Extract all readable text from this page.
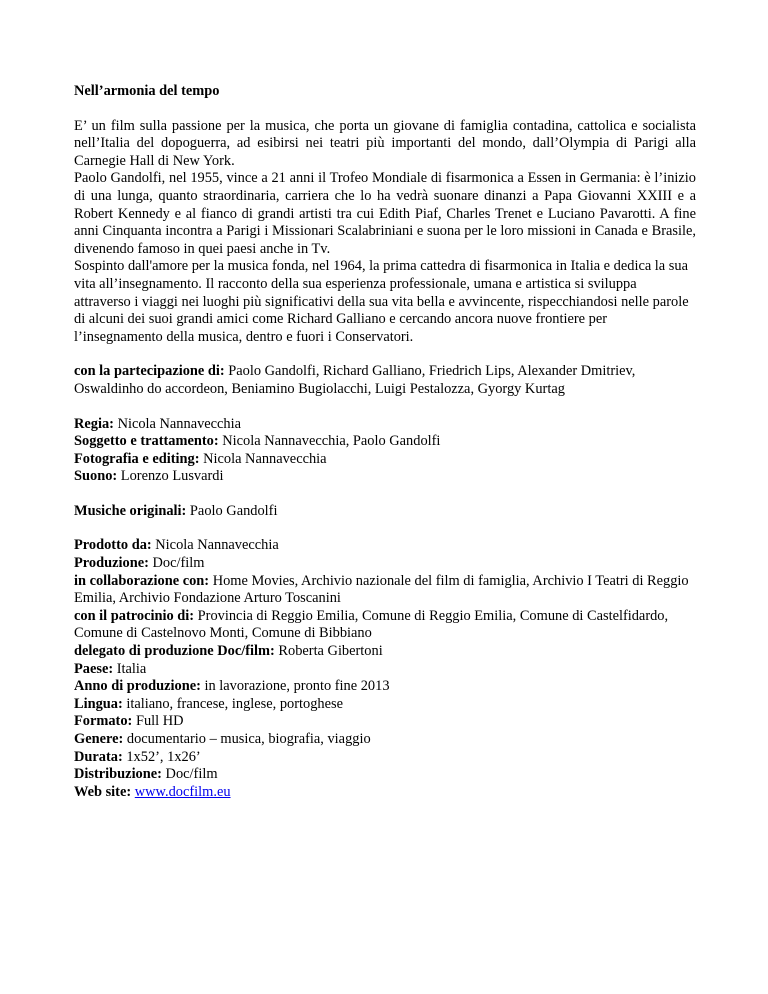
Nell’armonia del tempo

E’ un film sulla passione per la musica, che porta un giovane di famiglia contadina, cattolica e socialista nell’Italia del dopoguerra, ad esibirsi nei teatri più importanti del mondo, dall’Olympia di Parigi alla Carnegie Hall di New York.

Paolo Gandolfi, nel 1955, vince a 21 anni il Trofeo Mondiale di fisarmonica a Essen in Germania: è l’inizio di una lunga, quanto straordinaria, carriera che lo ha vedrà suonare dinanzi a Papa Giovanni XXIII e a Robert Kennedy e al fianco di grandi artisti tra cui Edith Piaf, Charles Trenet e Luciano Pavarotti. A fine anni Cinquanta incontra a Parigi i Missionari Scalabriniani e suona per le loro missioni in Canada e Brasile, divenendo famoso in quei paesi anche in Tv.

Sospinto dall'amore per la musica fonda, nel 1964, la prima cattedra di fisarmonica in Italia e dedica la sua vita all’insegnamento. Il racconto della sua esperienza professionale, umana e artistica si sviluppa attraverso i viaggi nei luoghi più significativi della sua vita bella e avvincente, rispecchiandosi nelle parole di alcuni dei suoi grandi amici come Richard Galliano e cercando ancora nuove frontiere per l’insegnamento della musica, dentro e fuori i Conservatori.

con la partecipazione di: Paolo Gandolfi, Richard Galliano, Friedrich Lips, Alexander Dmitriev, Oswaldinho do accordeon, Beniamino Bugiolacchi, Luigi Pestalozza, Gyorgy Kurtag

Regia: Nicola Nannavecchia

Soggetto e trattamento: Nicola Nannavecchia, Paolo Gandolfi

Fotografia e editing: Nicola Nannavecchia

Suono: Lorenzo Lusvardi

Musiche originali: Paolo Gandolfi

Prodotto da: Nicola Nannavecchia

Produzione: Doc/film

in collaborazione con: Home Movies, Archivio nazionale del film di famiglia, Archivio I Teatri di Reggio Emilia, Archivio Fondazione Arturo Toscanini

con il patrocinio di: Provincia di Reggio Emilia, Comune di Reggio Emilia, Comune di Castelfidardo, Comune di Castelnovo Monti, Comune di Bibbiano

delegato di produzione Doc/film: Roberta Gibertoni

Paese: Italia

Anno di produzione: in lavorazione, pronto fine 2013

Lingua: italiano, francese, inglese, portoghese

Formato: Full HD

Genere: documentario – musica, biografia, viaggio

Durata: 1x52’, 1x26’

Distribuzione: Doc/film

Web site: www.docfilm.eu
